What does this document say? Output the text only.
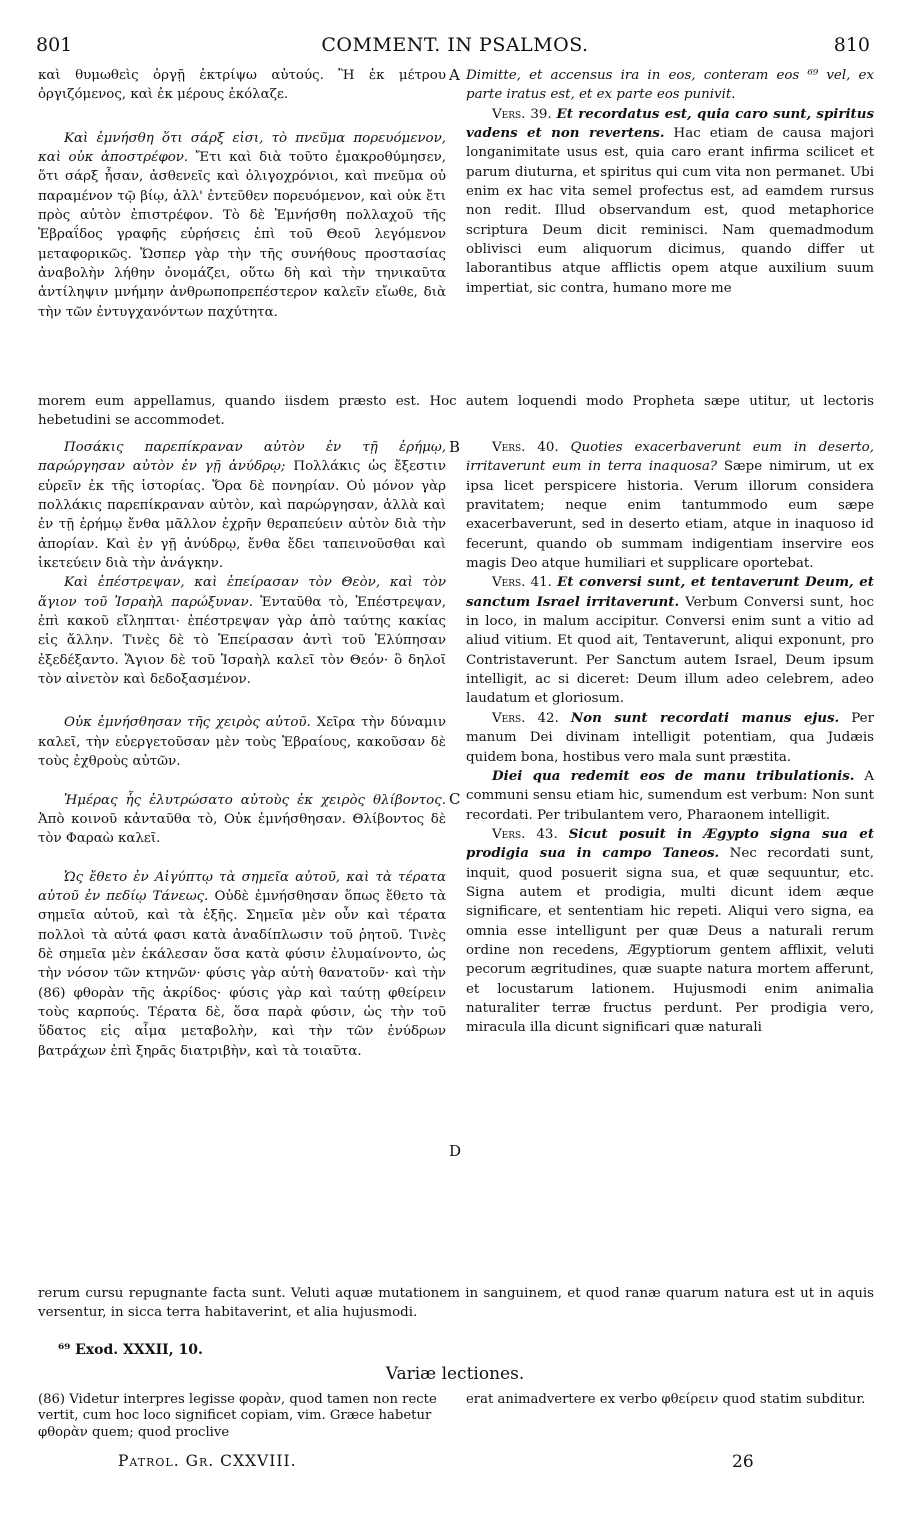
801	COMMENT. IN PSALMOS.	810
A
B
C
D

καὶ θυμωθεὶς ὀργῇ ἐκτρίψω αὐτούς. Ἢ ἐκ μέτρου ὀργιζόμενος, καὶ ἐκ μέρους ἐκόλαζε.

Καὶ ἐμνήσθη ὅτι σάρξ εἰσι, τὸ πνεῦμα πορευόμενον, καὶ οὐκ ἀποστρέφον. Ἔτι καὶ διὰ τοῦτο ἐμακροθύμησεν, ὅτι σάρξ ἦσαν, ἀσθενεῖς καὶ ὀλιγοχρόνιοι, καὶ πνεῦμα οὐ παραμένον τῷ βίῳ, ἀλλ' ἐντεῦθεν πορευόμενον, καὶ οὐκ ἔτι πρὸς αὐτὸν ἐπιστρέφον. Τὸ δὲ Ἐμνήσθη πολλαχοῦ τῆς Ἑβραΐδος γραφῆς εὑρήσεις ἐπὶ τοῦ Θεοῦ λεγόμενον μεταφορικῶς. Ὥσπερ γὰρ τὴν τῆς συνήθους προστασίας ἀναβολὴν λήθην ὀνομάζει, οὕτω δὴ καὶ τὴν τηνικαῦτα ἀντίληψιν μνήμην ἀνθρωποπρεπέστερον καλεῖν εἴωθε, διὰ τὴν τῶν ἐντυγχανόντων παχύτητα.

Dimitte, et accensus ira in eos, conteram eos ⁶⁹ vel, ex parte iratus est, et ex parte eos punivit.

Vers. 39. Et recordatus est, quia caro sunt, spiritus vadens et non revertens. Hac etiam de causa majori longanimitate usus est, quia caro erant infirma scilicet et parum diuturna, et spiritus qui cum vita non permanet. Ubi enim ex hac vita semel profectus est, ad eamdem rursus non redit. Illud observandum est, quod metaphorice scriptura Deum dicit reminisci. Nam quemadmodum oblivisci eum aliquorum dicimus, quando differ ut laborantibus atque afflictis opem atque auxilium suum impertiat, sic contra, humano more me

morem eum appellamus, quando iisdem præsto est. Hoc autem loquendi modo Propheta sæpe utitur, ut lectoris hebetudini se accommodet.

Ποσάκις παρεπίκραναν αὐτὸν ἐν τῇ ἐρήμῳ, παρώργησαν αὐτὸν ἐν γῇ ἀνύδρῳ; Πολλάκις ὡς ἔξεστιν εὑρεῖν ἐκ τῆς ἱστορίας. Ὅρα δὲ πονηρίαν. Οὐ μόνον γὰρ πολλάκις παρεπίκραναν αὐτὸν, καὶ παρώργησαν, ἀλλὰ καὶ ἐν τῇ ἐρήμῳ ἔνθα μᾶλλον ἐχρῆν θεραπεύειν αὐτὸν διὰ τὴν ἀπορίαν. Καὶ ἐν γῇ ἀνύδρῳ, ἔνθα ἔδει ταπεινοῦσθαι καὶ ἱκετεύειν διὰ τὴν ἀνάγκην.

Καὶ ἐπέστρεψαν, καὶ ἐπείρασαν τὸν Θεὸν, καὶ τὸν ἅγιον τοῦ Ἰσραὴλ παρώξυναν. Ἐνταῦθα τὸ, Ἐπέστρεψαν, ἐπὶ κακοῦ εἴληπται· ἐπέστρεψαν γὰρ ἀπὸ ταύτης κακίας εἰς ἄλλην. Τινὲς δὲ τὸ Ἐπείρασαν ἀντὶ τοῦ Ἐλύπησαν ἐξεδέξαντο. Ἅγιον δὲ τοῦ Ἰσραὴλ καλεῖ τὸν Θεόν· ὃ δηλοῖ τὸν αἰνετὸν καὶ δεδοξασμένον.

Οὐκ ἐμνήσθησαν τῆς χειρὸς αὐτοῦ. Χεῖρα τὴν δύναμιν καλεῖ, τὴν εὐεργετοῦσαν μὲν τοὺς Ἑβραίους, κακοῦσαν δὲ τοὺς ἐχθροὺς αὐτῶν.

Ἡμέρας ἧς ἐλυτρώσατο αὐτοὺς ἐκ χειρὸς θλίβοντος. Ἀπὸ κοινοῦ κἀνταῦθα τὸ, Οὐκ ἐμνήσθησαν. Θλίβοντος δὲ τὸν Φαραὼ καλεῖ.

Ὡς ἔθετο ἐν Αἰγύπτῳ τὰ σημεῖα αὐτοῦ, καὶ τὰ τέρατα αὐτοῦ ἐν πεδίῳ Τάνεως. Οὐδὲ ἐμνήσθησαν ὅπως ἔθετο τὰ σημεῖα αὐτοῦ, καὶ τὰ ἑξῆς. Σημεῖα μὲν οὖν καὶ τέρατα πολλοὶ τὰ αὐτά φασι κατὰ ἀναδίπλωσιν τοῦ ῥητοῦ. Τινὲς δὲ σημεῖα μὲν ἐκάλεσαν ὅσα κατὰ φύσιν ἐλυμαίνοντο, ὡς τὴν νόσον τῶν κτηνῶν· φύσις γὰρ αὐτὴ θανατοῦν· καὶ τὴν (86) φθορὰν τῆς ἀκρίδος· φύσις γὰρ καὶ ταύτῃ φθείρειν τοὺς καρπούς. Τέρατα δὲ, ὅσα παρὰ φύσιν, ὡς τὴν τοῦ ὕδατος εἰς αἷμα μεταβολὴν, καὶ τὴν τῶν ἐνύδρων βατράχων ἐπὶ ξηρᾶς διατριβὴν, καὶ τὰ τοιαῦτα.

Vers. 40. Quoties exacerbaverunt eum in deserto, irritaverunt eum in terra inaquosa? Sæpe nimirum, ut ex ipsa licet perspicere historia. Verum illorum considera pravitatem; neque enim tantummodo eum sæpe exacerbaverunt, sed in deserto etiam, atque in inaquoso id fecerunt, quando ob summam indigentiam inservire eos magis Deo atque humiliari et supplicare oportebat.

Vers. 41. Et conversi sunt, et tentaverunt Deum, et sanctum Israel irritaverunt. Verbum Conversi sunt, hoc in loco, in malum accipitur. Conversi enim sunt a vitio ad aliud vitium. Et quod ait, Tentaverunt, aliqui exponunt, pro Contristaverunt. Per Sanctum autem Israel, Deum ipsum intelligit, ac si diceret: Deum illum adeo celebrem, adeo laudatum et gloriosum.

Vers. 42. Non sunt recordati manus ejus. Per manum Dei divinam intelligit potentiam, qua Judæis quidem bona, hostibus vero mala sunt præstita.

Diei qua redemit eos de manu tribulationis. A communi sensu etiam hic, sumendum est verbum: Non sunt recordati. Per tribulantem vero, Pharaonem intelligit.

Vers. 43. Sicut posuit in Ægypto signa sua et prodigia sua in campo Taneos. Nec recordati sunt, inquit, quod posuerit signa sua, et quæ sequuntur, etc. Signa autem et prodigia, multi dicunt idem æque significare, et sententiam hic repeti. Aliqui vero signa, ea omnia esse intelligunt per quæ Deus a naturali rerum ordine non recedens, Ægyptiorum gentem afflixit, veluti pecorum ægritudines, quæ suapte natura mortem afferunt, et locustarum lationem. Hujusmodi enim animalia naturaliter terræ fructus perdunt. Per prodigia vero, miracula illa dicunt significari quæ naturali

rerum cursu repugnante facta sunt. Veluti aquæ mutationem in sanguinem, et quod ranæ quarum natura est ut in aquis versentur, in sicca terra habitaverint, et alia hujusmodi.

⁶⁹ Exod. XXXII, 10.
Variæ lectiones.
(86) Videtur interpres legisse φορὰν, quod tamen non recte vertit, cum hoc loco significet copiam, vim. Græce habetur φθορὰν quem; quod proclive
erat animadvertere ex verbo φθείρειν quod statim subditur.
Patrol. Gr. CXXVIII.	26
